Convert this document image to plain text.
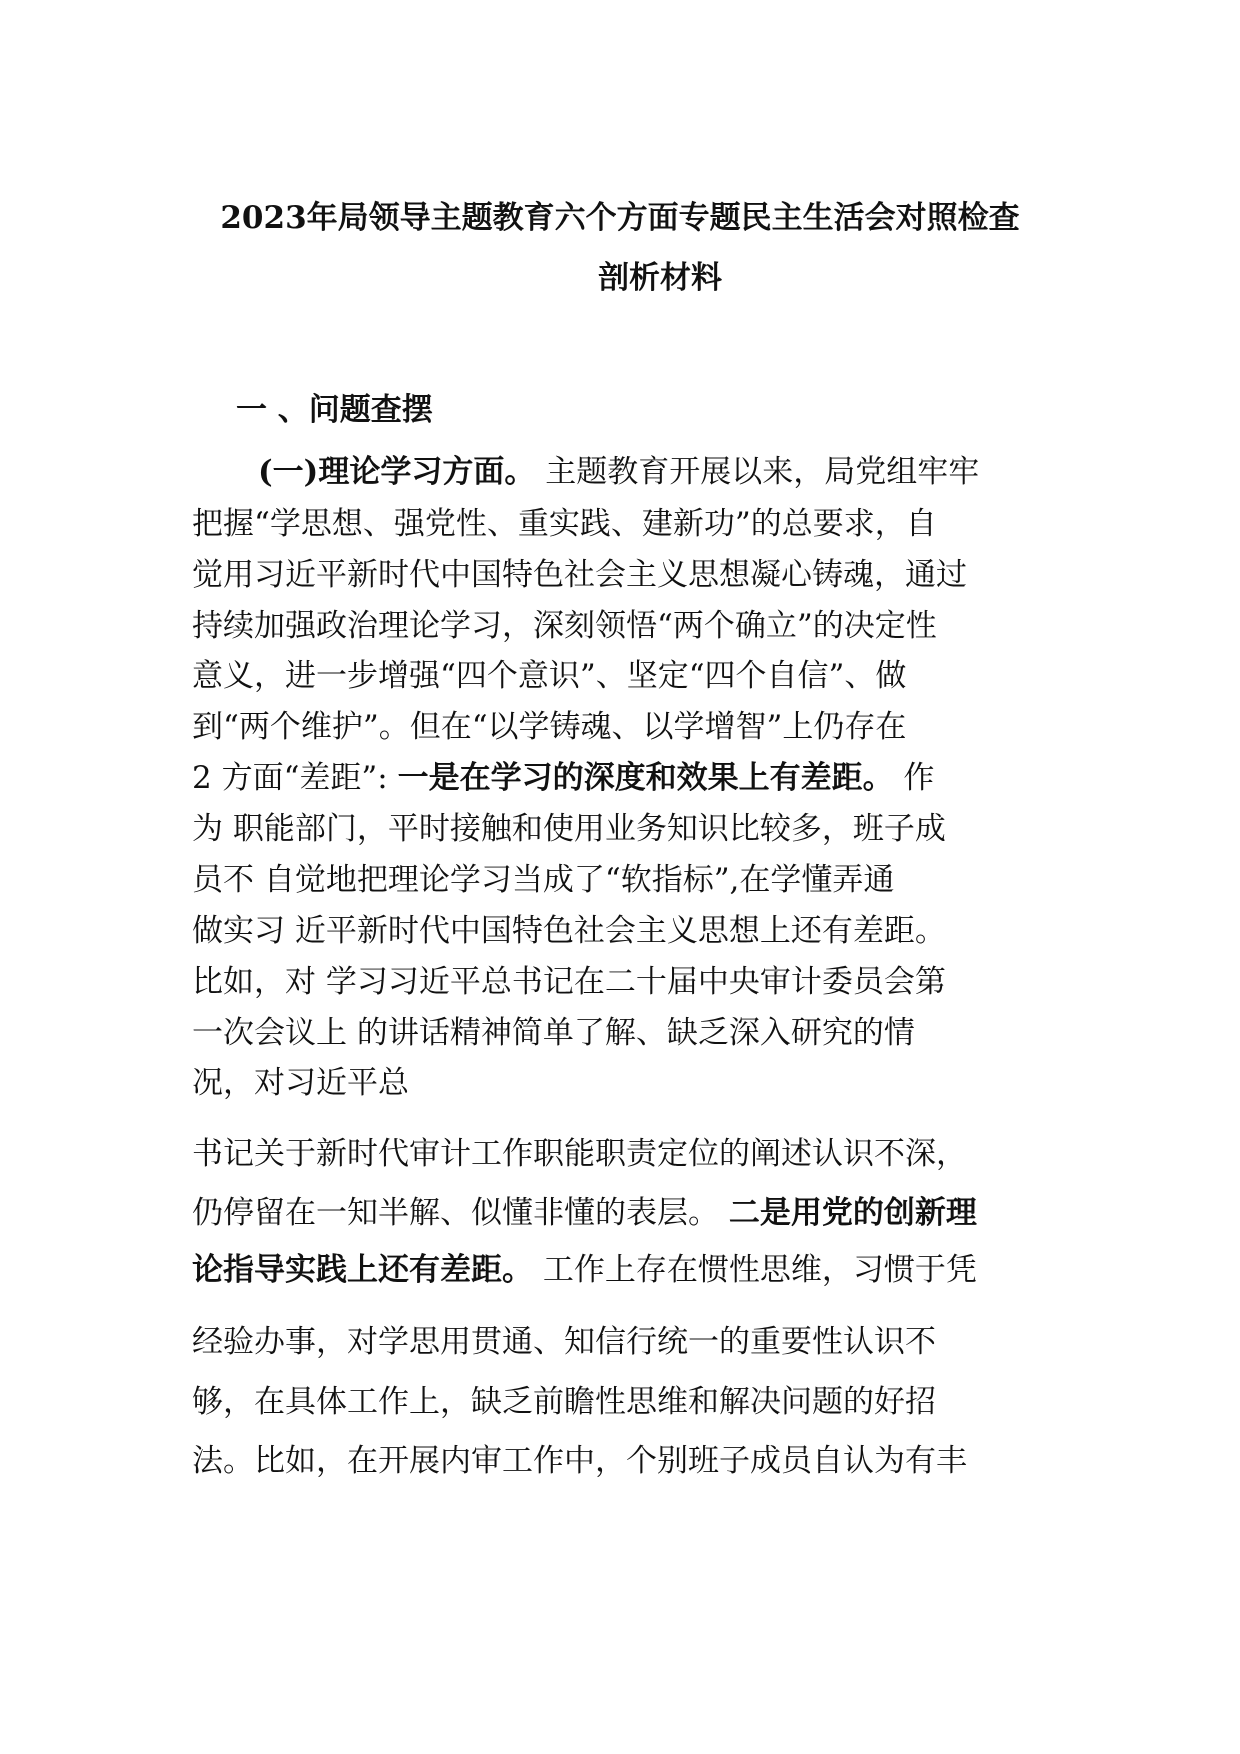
2023年局领导主题教育六个方面专题民主生活会对照检查
剖析材料
一 、问题查摆
(一)理论学习方面。 主题教育开展以来，局党组牢牢
把握“学思想、强党性、重实践、建新功”的总要求，自
觉用习近平新时代中国特色社会主义思想凝心铸魂，通过
持续加强政治理论学习，深刻领悟“两个确立”的决定性
意义，进一步增强“四个意识”、坚定“四个自信”、做
到“两个维护”。但在“以学铸魂、以学增智”上仍存在
2 方面“差距”: 一是在学习的深度和效果上有差距。 作
为 职能部门，平时接触和使用业务知识比较多，班子成
员不 自觉地把理论学习当成了“软指标”,在学懂弄通
做实习 近平新时代中国特色社会主义思想上还有差距。
比如，对 学习习近平总书记在二十届中央审计委员会第
一次会议上 的讲话精神简单了解、缺乏深入研究的情
况，对习近平总
书记关于新时代审计工作职能职责定位的阐述认识不深，
仍停留在一知半解、似懂非懂的表层。 二是用党的创新理
论指导实践上还有差距。 工作上存在惯性思维，习惯于凭
经验办事，对学思用贯通、知信行统一的重要性认识不
够，在具体工作上，缺乏前瞻性思维和解决问题的好招
法。比如，在开展内审工作中，个别班子成员自认为有丰
